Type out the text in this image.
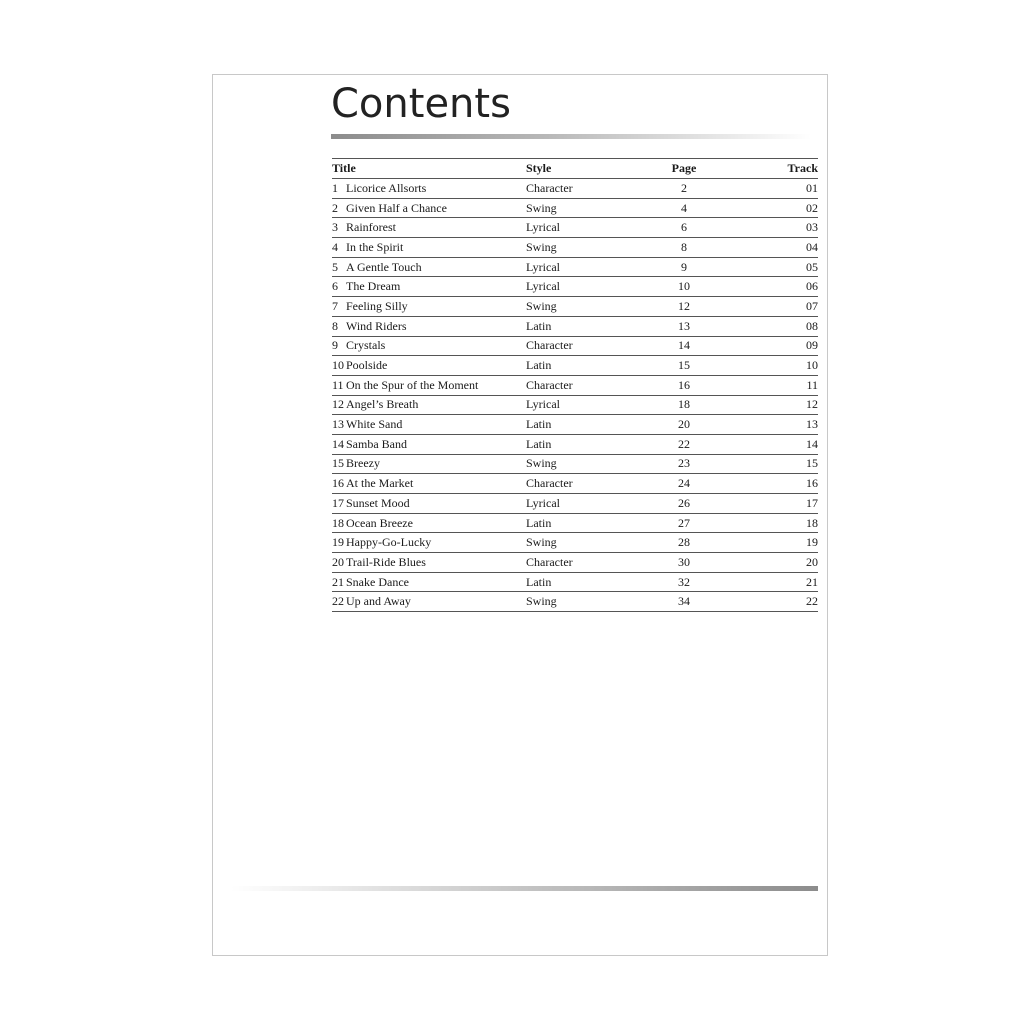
Contents
Title		Style	Page	Track
1	Licorice Allsorts	Character	2	01
2	Given Half a Chance	Swing	4	02
3	Rainforest	Lyrical	6	03
4	In the Spirit	Swing	8	04
5	A Gentle Touch	Lyrical	9	05
6	The Dream	Lyrical	10	06
7	Feeling Silly	Swing	12	07
8	Wind Riders	Latin	13	08
9	Crystals	Character	14	09
10	Poolside	Latin	15	10
11	On the Spur of the Moment	Character	16	11
12	Angel’s Breath	Lyrical	18	12
13	White Sand	Latin	20	13
14	Samba Band	Latin	22	14
15	Breezy	Swing	23	15
16	At the Market	Character	24	16
17	Sunset Mood	Lyrical	26	17
18	Ocean Breeze	Latin	27	18
19	Happy-Go-Lucky	Swing	28	19
20	Trail-Ride Blues	Character	30	20
21	Snake Dance	Latin	32	21
22	Up and Away	Swing	34	22
